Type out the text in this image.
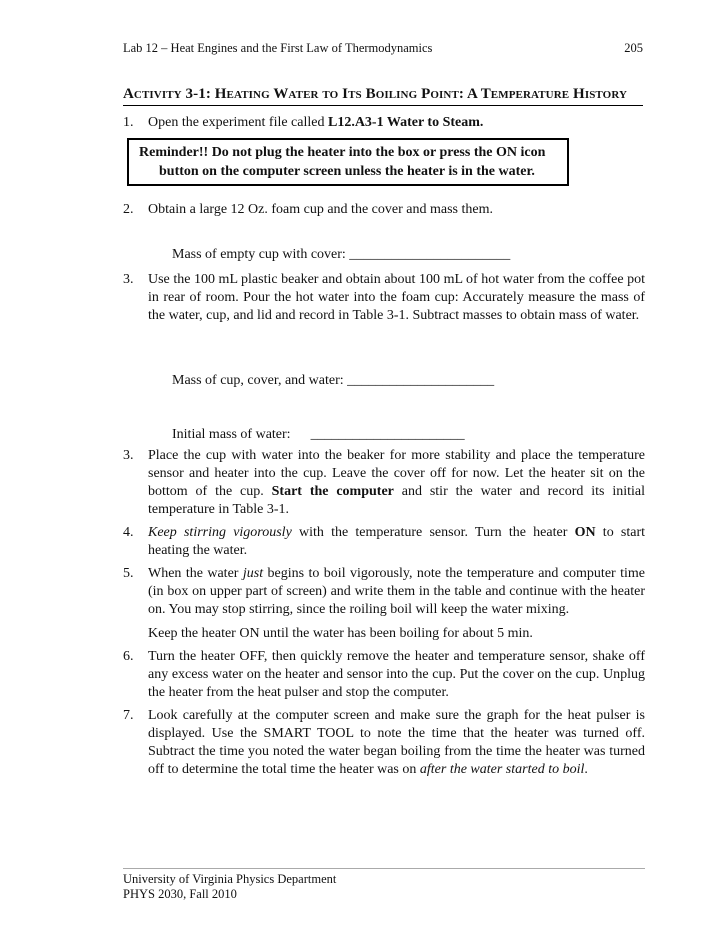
Lab 12 – Heat Engines and the First Law of Thermodynamics	205
Activity 3-1: Heating Water to Its Boiling Point: A Temperature History
1. Open the experiment file called L12.A3-1 Water to Steam.
Reminder!! Do not plug the heater into the box or press the ON icon
button on the computer screen unless the heater is in the water.
2. Obtain a large 12 Oz. foam cup and the cover and mass them.
Mass of empty cup with cover: _______________________
3. Use the 100 mL plastic beaker and obtain about 100 mL of hot water from the coffee pot in rear of room. Pour the hot water into the foam cup: Accurately measure the mass of the water, cup, and lid and record in Table 3-1. Subtract masses to obtain mass of water.
Mass of cup, cover, and water: _____________________
Initial mass of water: ______________________
3. Place the cup with water into the beaker for more stability and place the temperature sensor and heater into the cup. Leave the cover off for now. Let the heater sit on the bottom of the cup. Start the computer and stir the water and record its initial temperature in Table 3-1.
4. Keep stirring vigorously with the temperature sensor. Turn the heater ON to start heating the water.
5. When the water just begins to boil vigorously, note the temperature and computer time (in box on upper part of screen) and write them in the table and continue with the heater on. You may stop stirring, since the roiling boil will keep the water mixing.
Keep the heater ON until the water has been boiling for about 5 min.
6. Turn the heater OFF, then quickly remove the heater and temperature sensor, shake off any excess water on the heater and sensor into the cup. Put the cover on the cup. Unplug the heater from the heat pulser and stop the computer.
7. Look carefully at the computer screen and make sure the graph for the heat pulser is displayed. Use the SMART TOOL to note the time that the heater was turned off. Subtract the time you noted the water began boiling from the time the heater was turned off to determine the total time the heater was on after the water started to boil.
University of Virginia Physics Department
PHYS 2030, Fall 2010
